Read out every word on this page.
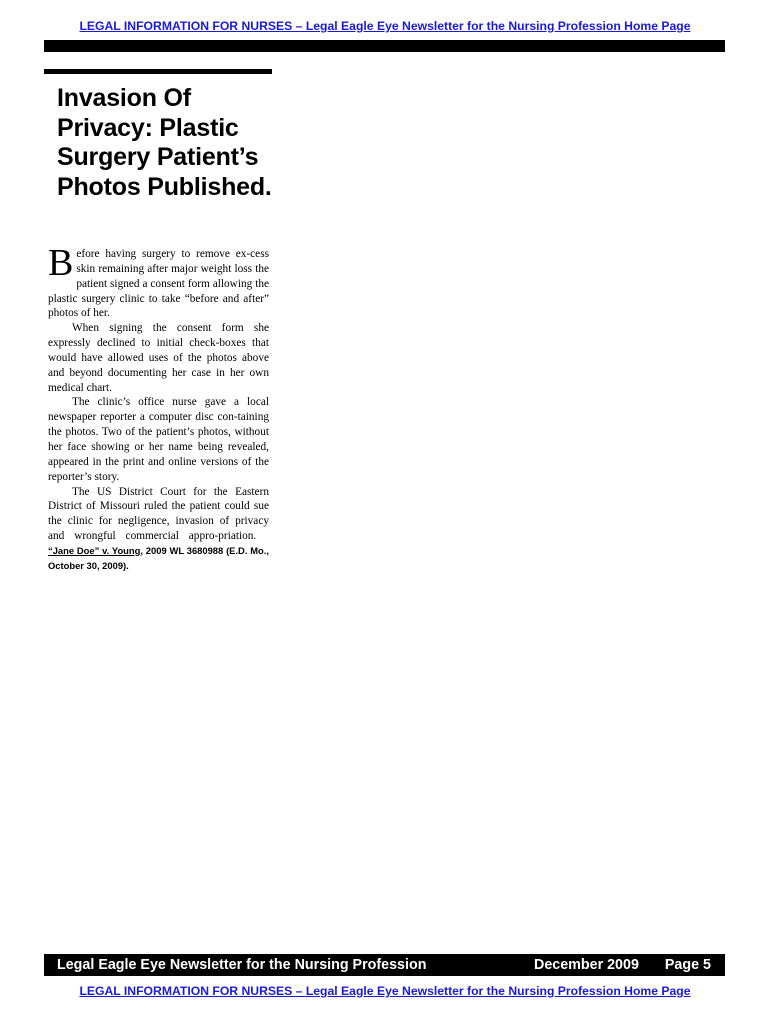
LEGAL INFORMATION FOR NURSES – Legal Eagle Eye Newsletter for the Nursing Profession Home Page
Invasion Of Privacy: Plastic Surgery Patient’s Photos Published.

Before having surgery to remove ex-cess skin remaining after major weight loss the patient signed a consent form allowing the plastic surgery clinic to take “before and after” photos of her.

When signing the consent form she expressly declined to initial check-boxes that would have allowed uses of the photos above and beyond documenting her case in her own medical chart.

The clinic’s office nurse gave a local newspaper reporter a computer disc con-taining the photos. Two of the patient’s photos, without her face showing or her name being revealed, appeared in the print and online versions of the reporter’s story.

The US District Court for the Eastern District of Missouri ruled the patient could sue the clinic for negligence, invasion of privacy and wrongful commercial appro-priation.   “Jane Doe” v. Young, 2009 WL 3680988 (E.D. Mo., October 30, 2009).

Legal Eagle Eye Newsletter for the Nursing Profession	December 2009 Page 5
LEGAL INFORMATION FOR NURSES – Legal Eagle Eye Newsletter for the Nursing Profession Home Page
